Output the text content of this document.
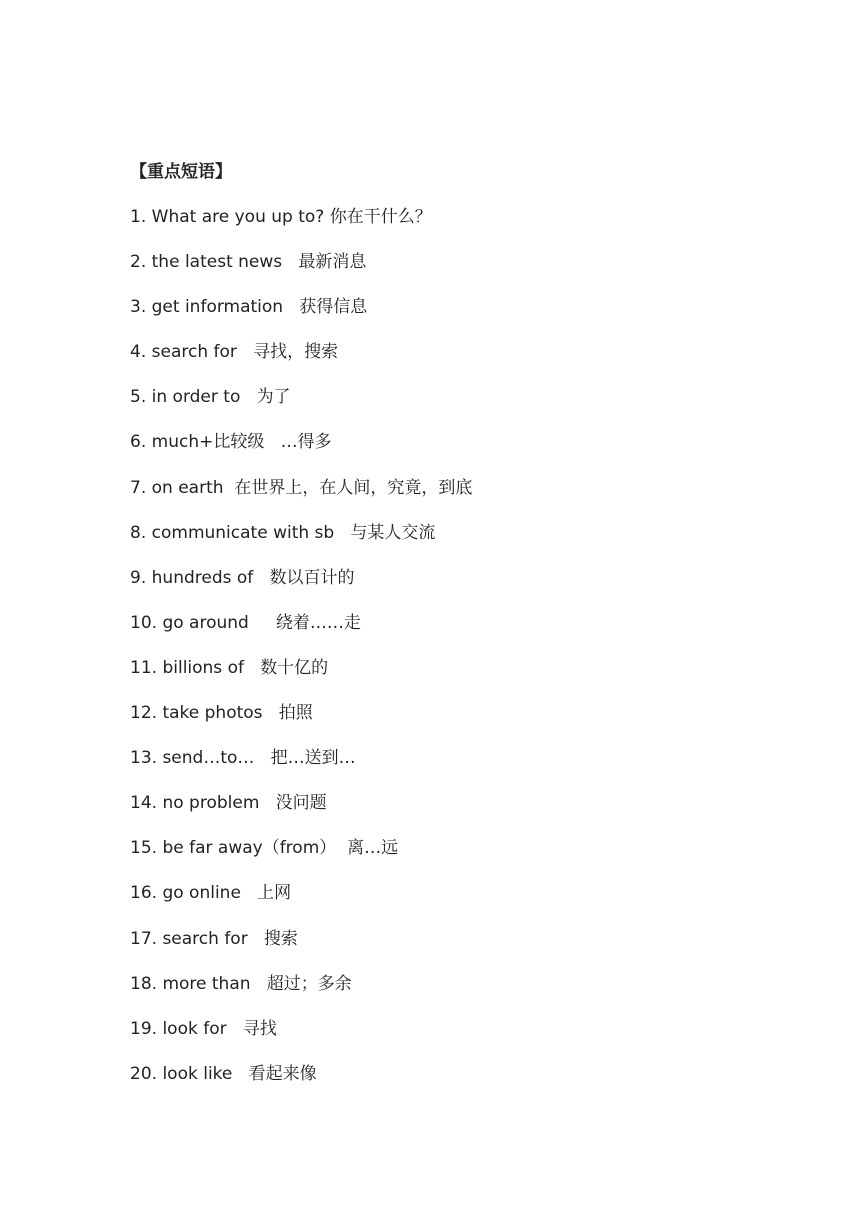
【重点短语】
1. What are you up to? 你在干什么？
2. the latest news 最新消息
3. get information 获得信息
4. search for 寻找，搜索
5. in order to 为了
6. much+比较级 …得多
7. on earth 在世界上，在人间，究竟，到底
8. communicate with sb 与某人交流
9. hundreds of 数以百计的
10. go around 绕着……走
11. billions of 数十亿的
12. take photos 拍照
13. send…to… 把…送到…
14. no problem 没问题
15. be far away（from） 离…远
16. go online 上网
17. search for 搜索
18. more than 超过；多余
19. look for 寻找
20. look like 看起来像
